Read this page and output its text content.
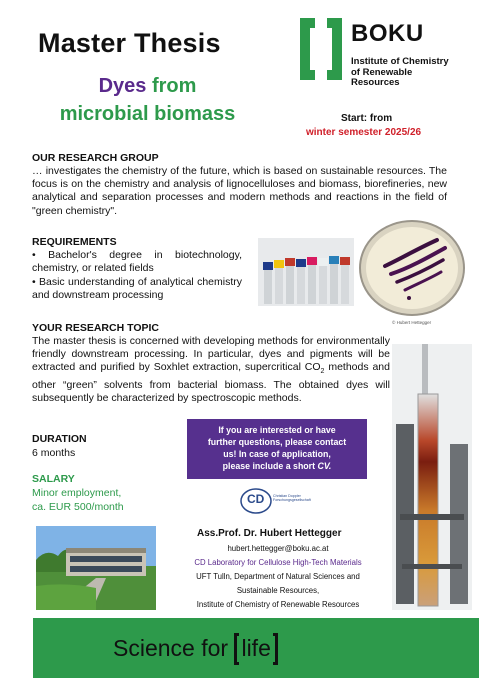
Master Thesis
Dyes from
microbial biomass
BOKU
Institute of Chemistry
of Renewable
Resources
Start: from
winter semester 2025/26
OUR RESEARCH GROUP
… investigates the chemistry of the future, which is based on sustainable resources. The focus is on the chemistry and analysis of lignocelluloses and biomass, biorefineries, new analytical and separation processes and modern methods and reactions in the field of "green chemistry".
REQUIREMENTS
• Bachelor's degree in biotechnology, chemistry, or related fields
• Basic understanding of analytical chemistry and downstream processing
© Hubert Hettegger
YOUR RESEARCH TOPIC
The master thesis is concerned with developing methods for environmentally friendly downstream processing. In particular, dyes and pigments will be extracted and purified by Soxhlet extraction, supercritical $CO_2$ methods and other “green” solvents from bacterial biomass. The obtained dyes will subsequently be characterized by spectroscopic methods.
DURATION
6 months
SALARY
Minor employment,
ca. EUR 500/month
If you are interested or have
further questions, please contact
us! In case of application,
please include a short CV.
CD Christian Doppler Forschungsgesellschaft
Ass.Prof. Dr. Hubert Hettegger
hubert.hettegger@boku.ac.at
CD Laboratory for Cellulose High-Tech Materials
UFT Tulln, Department of Natural Sciences and
Sustainable Resources,
Institute of Chemistry of Renewable Resources
Science for
life
